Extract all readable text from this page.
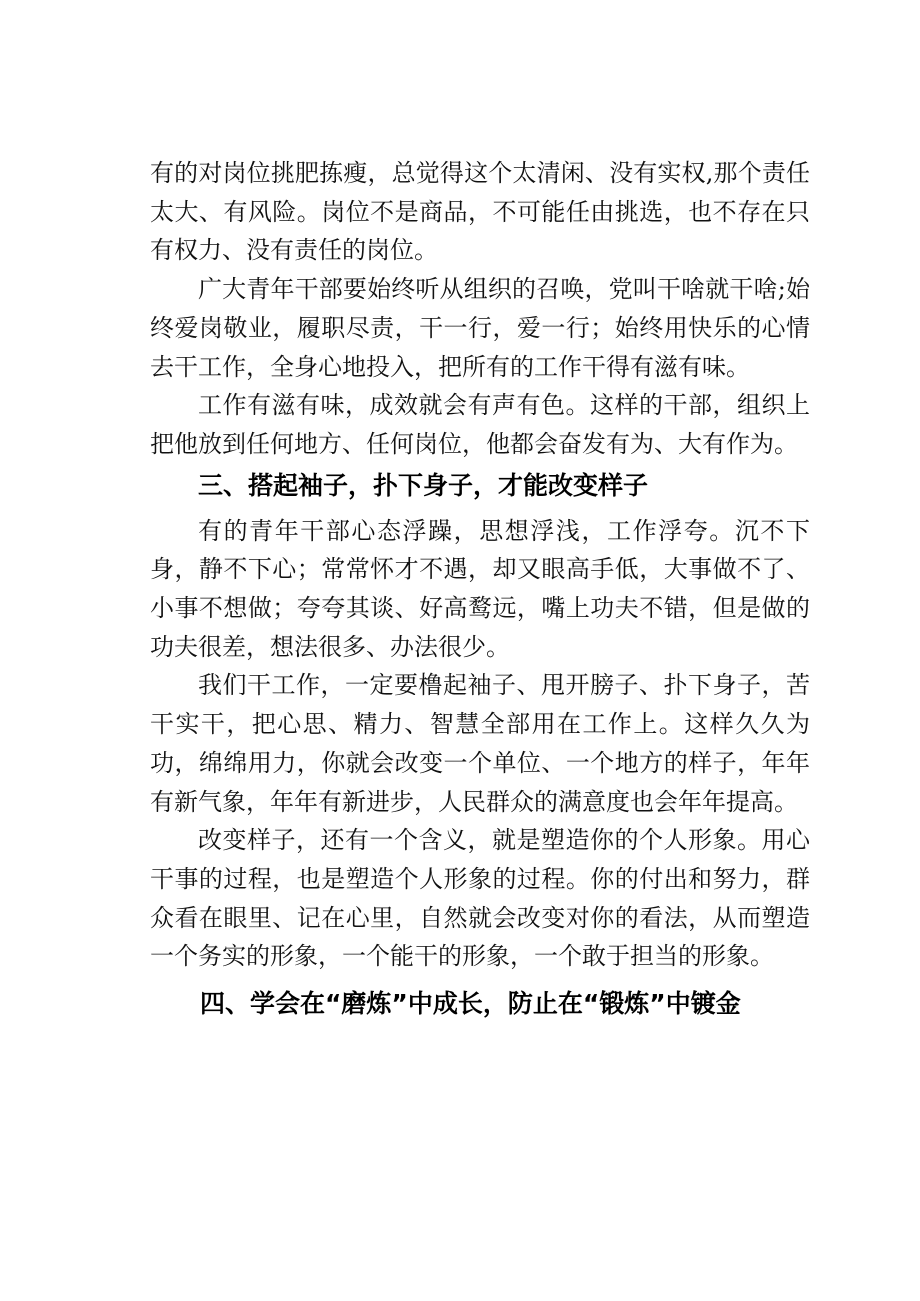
有的对岗位挑肥拣瘦，总觉得这个太清闲、没有实权,那个责任太大、有风险。岗位不是商品，不可能任由挑选，也不存在只有权力、没有责任的岗位。

广大青年干部要始终听从组织的召唤，党叫干啥就干啥;始终爱岗敬业，履职尽责，干一行，爱一行；始终用快乐的心情去干工作，全身心地投入，把所有的工作干得有滋有味。

工作有滋有味，成效就会有声有色。这样的干部，组织上把他放到任何地方、任何岗位，他都会奋发有为、大有作为。

三、搭起袖子，扑下身子，才能改变样子

有的青年干部心态浮躁，思想浮浅，工作浮夸。沉不下身，静不下心；常常怀才不遇，却又眼高手低，大事做不了、小事不想做；夸夸其谈、好高鹜远，嘴上功夫不错，但是做的功夫很差，想法很多、办法很少。

我们干工作，一定要橹起袖子、甩开膀子、扑下身子，苦干实干，把心思、精力、智慧全部用在工作上。这样久久为功，绵绵用力，你就会改变一个单位、一个地方的样子，年年有新气象，年年有新进步，人民群众的满意度也会年年提高。

改变样子，还有一个含义，就是塑造你的个人形象。用心干事的过程，也是塑造个人形象的过程。你的付出和努力，群众看在眼里、记在心里，自然就会改变对你的看法，从而塑造一个务实的形象，一个能干的形象，一个敢于担当的形象。

四、学会在“磨炼”中成长，防止在“锻炼”中镀金
